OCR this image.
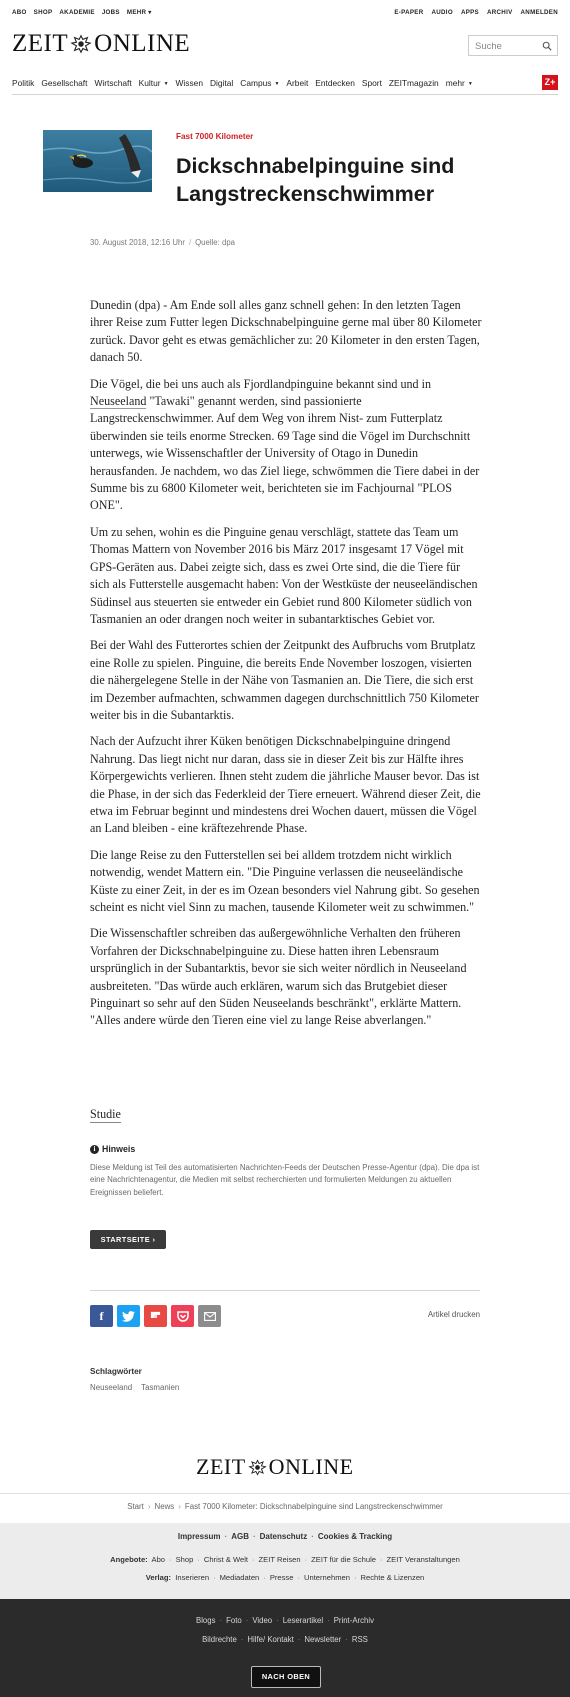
ABO SHOP AKADEMIE JOBS MEHR ▾	E-PAPER AUDIO APPS ARCHIV ANMELDEN
ZEIT ONLINE	Suche
Politik Gesellschaft Wirtschaft Kultur ▼ Wissen Digital Campus ▼ Arbeit Entdecken Sport ZEITmagazin mehr ▼	Z+
Fast 7000 Kilometer
Dickschnabelpinguine sind Langstreckenschwimmer
30. August 2018, 12:16 Uhr / Quelle: dpa

Dunedin (dpa) - Am Ende soll alles ganz schnell gehen: In den letzten Tagen ihrer Reise zum Futter legen Dickschnabelpinguine gerne mal über 80 Kilometer zurück. Davor geht es etwas gemächlicher zu: 20 Kilometer in den ersten Tagen, danach 50.

Die Vögel, die bei uns auch als Fjordlandpinguine bekannt sind und in Neuseeland "Tawaki" genannt werden, sind passionierte Langstreckenschwimmer. Auf dem Weg von ihrem Nist- zum Futterplatz überwinden sie teils enorme Strecken. 69 Tage sind die Vögel im Durchschnitt unterwegs, wie Wissenschaftler der University of Otago in Dunedin herausfanden. Je nachdem, wo das Ziel liege, schwömmen die Tiere dabei in der Summe bis zu 6800 Kilometer weit, berichteten sie im Fachjournal "PLOS ONE".

Um zu sehen, wohin es die Pinguine genau verschlägt, stattete das Team um Thomas Mattern von November 2016 bis März 2017 insgesamt 17 Vögel mit GPS-Geräten aus. Dabei zeigte sich, dass es zwei Orte sind, die die Tiere für sich als Futterstelle ausgemacht haben: Von der Westküste der neuseeländischen Südinsel aus steuerten sie entweder ein Gebiet rund 800 Kilometer südlich von Tasmanien an oder drangen noch weiter in subantarktisches Gebiet vor.

Bei der Wahl des Futterortes schien der Zeitpunkt des Aufbruchs vom Brutplatz eine Rolle zu spielen. Pinguine, die bereits Ende November loszogen, visierten die nähergelegene Stelle in der Nähe von Tasmanien an. Die Tiere, die sich erst im Dezember aufmachten, schwammen dagegen durchschnittlich 750 Kilometer weiter bis in die Subantarktis.

Nach der Aufzucht ihrer Küken benötigen Dickschnabelpinguine dringend Nahrung. Das liegt nicht nur daran, dass sie in dieser Zeit bis zur Hälfte ihres Körpergewichts verlieren. Ihnen steht zudem die jährliche Mauser bevor. Das ist die Phase, in der sich das Federkleid der Tiere erneuert. Während dieser Zeit, die etwa im Februar beginnt und mindestens drei Wochen dauert, müssen die Vögel an Land bleiben - eine kräftezehrende Phase.

Die lange Reise zu den Futterstellen sei bei alldem trotzdem nicht wirklich notwendig, wendet Mattern ein. "Die Pinguine verlassen die neuseeländische Küste zu einer Zeit, in der es im Ozean besonders viel Nahrung gibt. So gesehen scheint es nicht viel Sinn zu machen, tausende Kilometer weit zu schwimmen."

Die Wissenschaftler schreiben das außergewöhnliche Verhalten den früheren Vorfahren der Dickschnabelpinguine zu. Diese hatten ihren Lebensraum ursprünglich in der Subantarktis, bevor sie sich weiter nördlich in Neuseeland ausbreiteten. "Das würde auch erklären, warum sich das Brutgebiet dieser Pinguinart so sehr auf den Süden Neuseelands beschränkt", erklärte Mattern. "Alles andere würde den Tieren eine viel zu lange Reise abverlangen."

Studie
i Hinweis
Diese Meldung ist Teil des automatisierten Nachrichten-Feeds der Deutschen Presse-Agentur (dpa). Die dpa ist eine Nachrichtenagentur, die Medien mit selbst recherchierten und formulierten Meldungen zu aktuellen Ereignissen beliefert.
STARTSEITE ›
f	Artikel drucken
Schlagwörter
Neuseeland Tasmanien
ZEIT ONLINE
Start › News › Fast 7000 Kilometer: Dickschnabelpinguine sind Langstreckenschwimmer
Impressum · AGB · Datenschutz · Cookies & Tracking
Angebote: Abo · Shop · Christ & Welt · ZEIT Reisen · ZEIT für die Schule · ZEIT Veranstaltungen
Verlag: Inserieren · Mediadaten · Presse · Unternehmen · Rechte & Lizenzen
Blogs · Foto · Video · Leserartikel · Print-Archiv
Bildrechte · Hilfe/ Kontakt · Newsletter · RSS
NACH OBEN
